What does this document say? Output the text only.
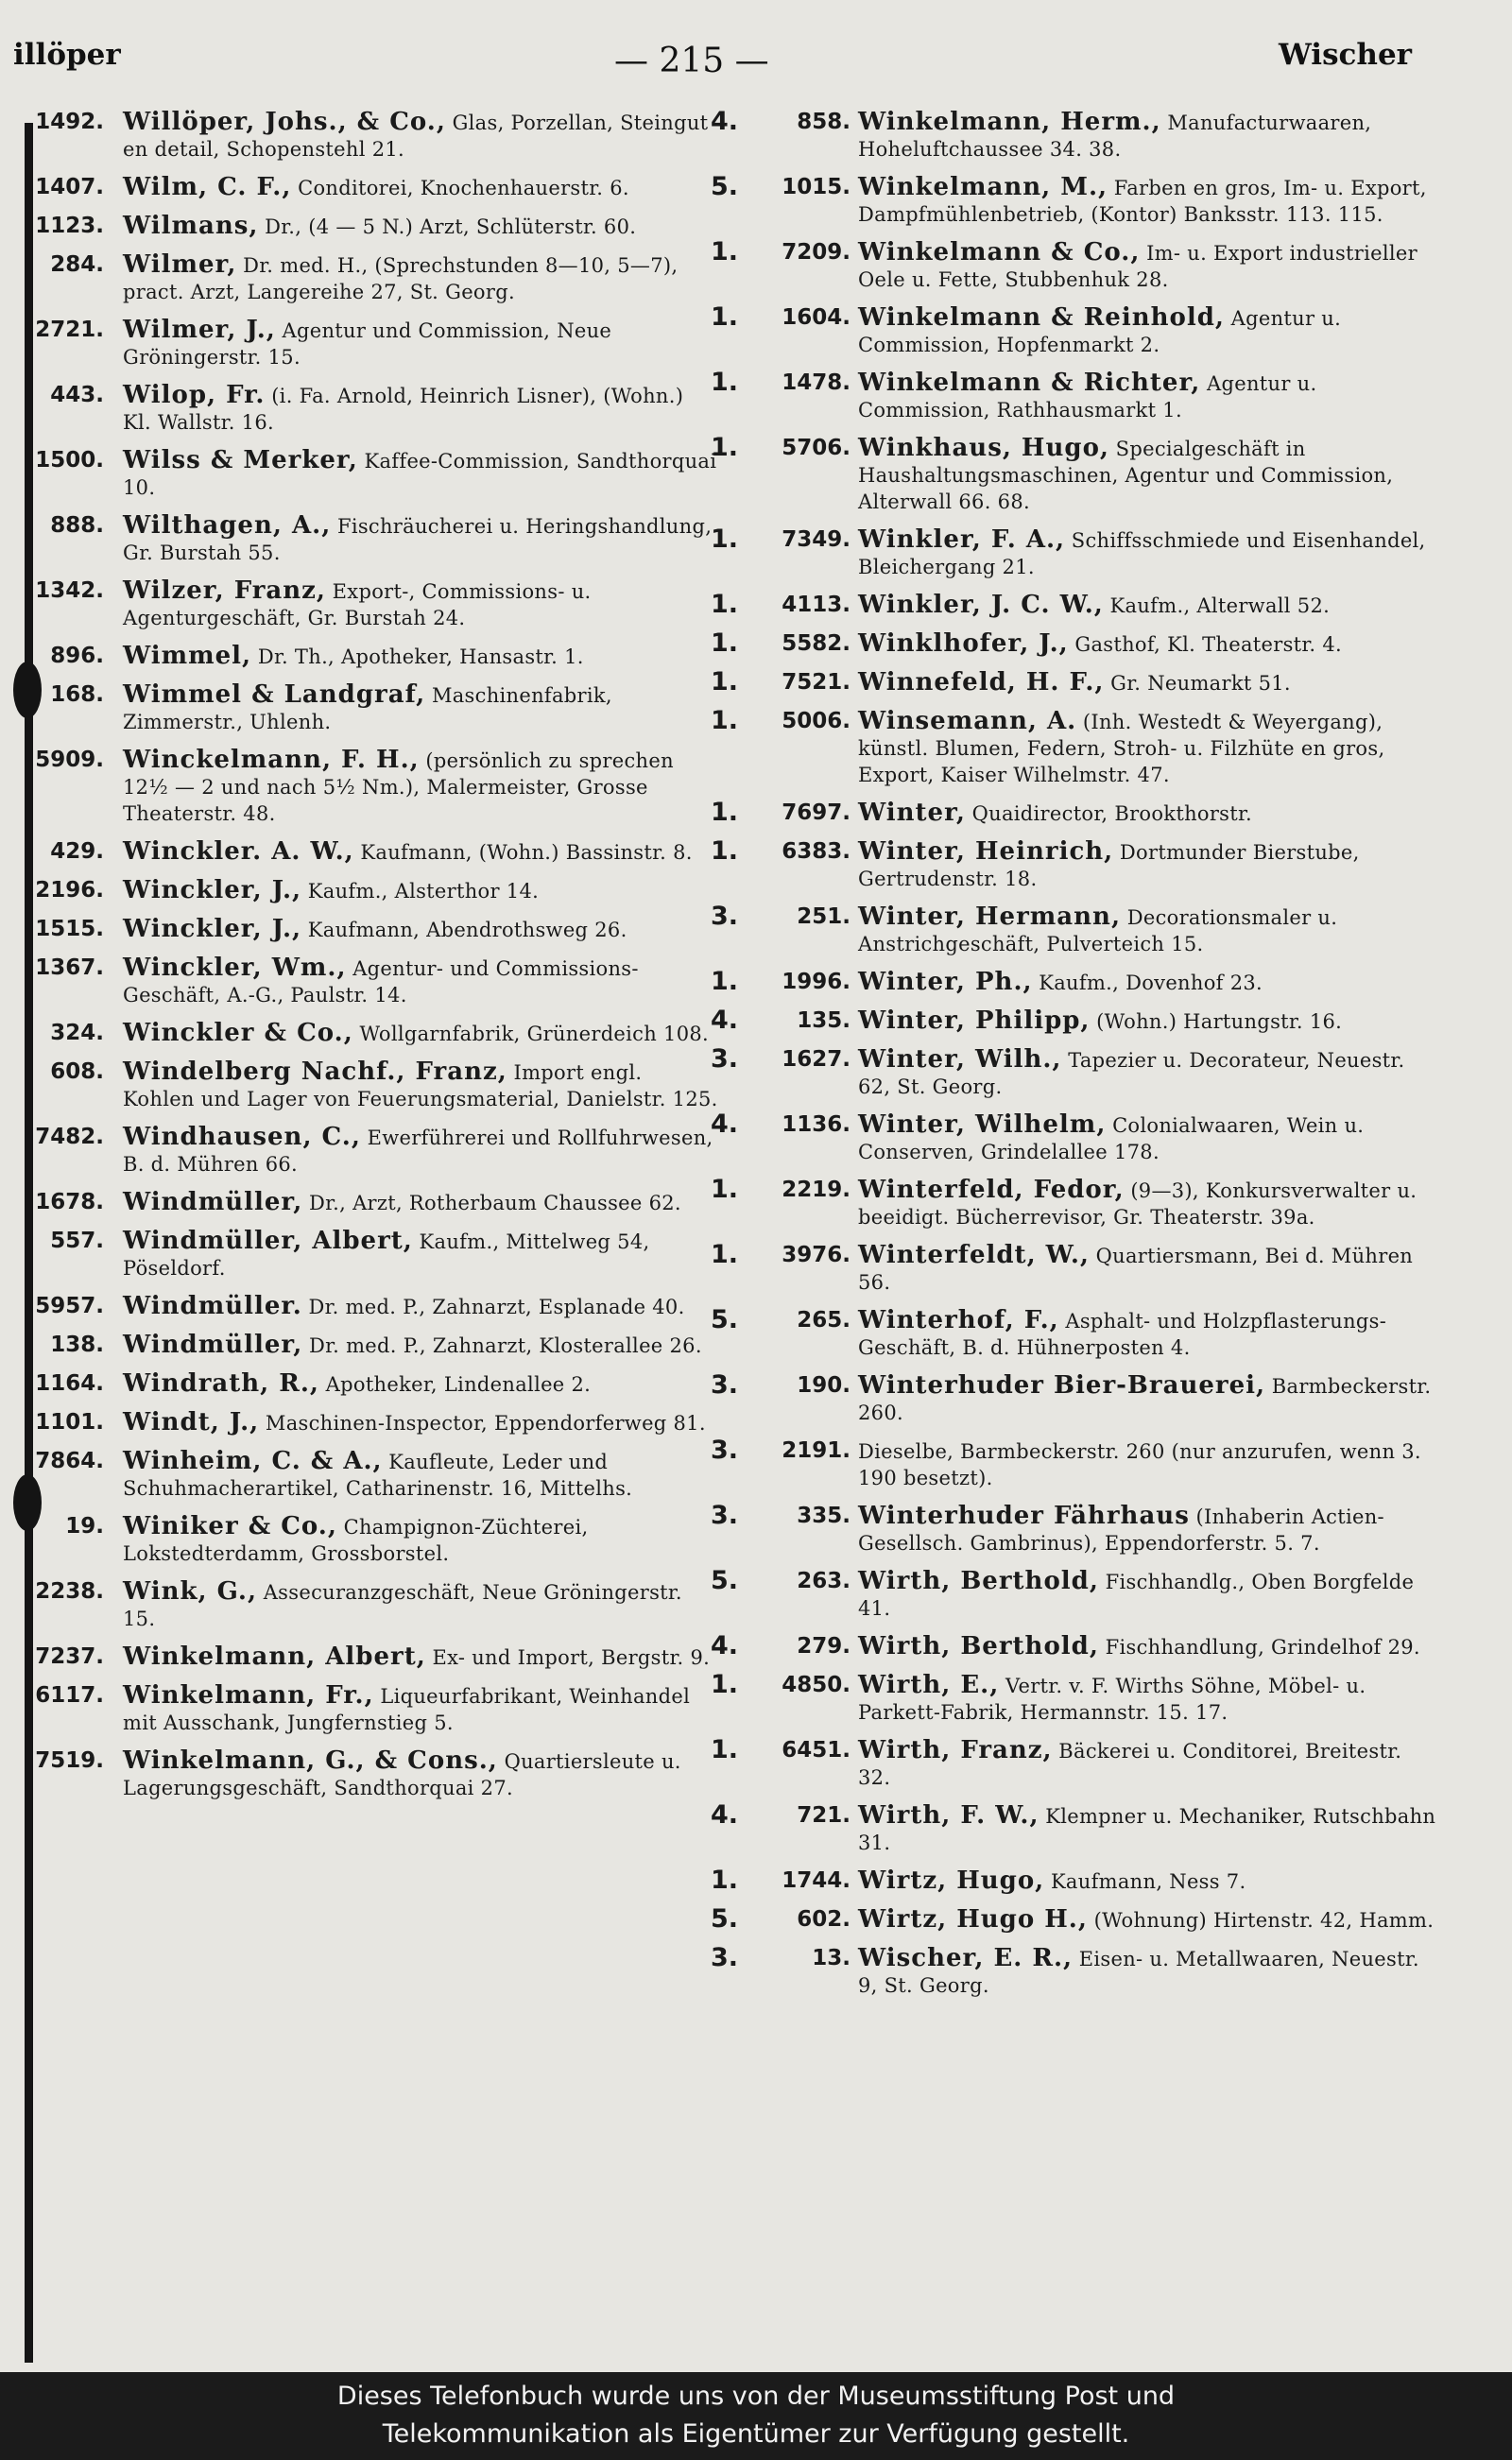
illöper	— 215 —	Wischer
1492. Willöper, Johs., & Co., Glas, Porzellan, Steingut en detail, Schopenstehl 21.
1407. Wilm, C. F., Conditorei, Knochenhauerstr. 6.
1123. Wilmans, Dr., (4 — 5 N.) Arzt, Schlüterstr. 60.
284. Wilmer, Dr. med. H., (Sprechstunden 8—10, 5—7), pract. Arzt, Langereihe 27, St. Georg.
2721. Wilmer, J., Agentur und Commission, Neue Gröningerstr. 15.
443. Wilop, Fr. (i. Fa. Arnold, Heinrich Lisner), (Wohn.) Kl. Wallstr. 16.
1500. Wilss & Merker, Kaffee-Commission, Sandthorquai 10.
888. Wilthagen, A., Fischräucherei u. Heringshandlung, Gr. Burstah 55.
1342. Wilzer, Franz, Export-, Commissions- u. Agenturgeschäft, Gr. Burstah 24.
896. Wimmel, Dr. Th., Apotheker, Hansastr. 1.
168. Wimmel & Landgraf, Maschinenfabrik, Zimmerstr., Uhlenh.
5909. Winckelmann, F. H., (persönlich zu sprechen 12½ — 2 und nach 5½ Nm.), Malermeister, Grosse Theaterstr. 48.
429. Winckler. A. W., Kaufmann, (Wohn.) Bassinstr. 8.
2196. Winckler, J., Kaufm., Alsterthor 14.
1515. Winckler, J., Kaufmann, Abendrothsweg 26.
1367. Winckler, Wm., Agentur- und Commissions-Geschäft, A.-G., Paulstr. 14.
324. Winckler & Co., Wollgarnfabrik, Grünerdeich 108.
608. Windelberg Nachf., Franz, Import engl. Kohlen und Lager von Feuerungsmaterial, Danielstr. 125.
7482. Windhausen, C., Ewerführerei und Rollfuhrwesen, B. d. Mühren 66.
1678. Windmüller, Dr., Arzt, Rotherbaum Chaussee 62.
557. Windmüller, Albert, Kaufm., Mittelweg 54, Pöseldorf.
5957. Windmüller. Dr. med. P., Zahnarzt, Esplanade 40.
138. Windmüller, Dr. med. P., Zahnarzt, Klosterallee 26.
1164. Windrath, R., Apotheker, Lindenallee 2.
1101. Windt, J., Maschinen-Inspector, Eppendorferweg 81.
7864. Winheim, C. & A., Kaufleute, Leder und Schuhmacherartikel, Catharinenstr. 16, Mittelhs.
19. Winiker & Co., Champignon-Züchterei, Lokstedterdamm, Grossborstel.
2238. Wink, G., Assecuranzgeschäft, Neue Gröningerstr. 15.
7237. Winkelmann, Albert, Ex- und Import, Bergstr. 9.
6117. Winkelmann, Fr., Liqueurfabrikant, Weinhandel mit Ausschank, Jungfernstieg 5.
7519. Winkelmann, G., & Cons., Quartiersleute u. Lagerungsgeschäft, Sandthorquai 27.
4.	858. Winkelmann, Herm., Manufacturwaaren, Hoheluftchaussee 34. 38.
5. 1015. Winkelmann, M., Farben en gros, Im- u. Export, Dampfmühlenbetrieb, (Kontor) Banksstr. 113. 115.
1. 7209. Winkelmann & Co., Im- u. Export industrieller Oele u. Fette, Stubbenhuk 28.
1. 1604. Winkelmann & Reinhold, Agentur u. Commission, Hopfenmarkt 2.
1. 1478. Winkelmann & Richter, Agentur u. Commission, Rathhausmarkt 1.
1. 5706. Winkhaus, Hugo, Specialgeschäft in Haushaltungsmaschinen, Agentur und Commission, Alterwall 66. 68.
1. 7349. Winkler, F. A., Schiffsschmiede und Eisenhandel, Bleichergang 21.
1. 4113. Winkler, J. C. W., Kaufm., Alterwall 52.
1. 5582. Winklhofer, J., Gasthof, Kl. Theaterstr. 4.
1. 7521. Winnefeld, H. F., Gr. Neumarkt 51.
1. 5006. Winsemann, A. (Inh. Westedt & Weyergang), künstl. Blumen, Federn, Stroh- u. Filzhüte en gros, Export, Kaiser Wilhelmstr. 47.
1. 7697. Winter, Quaidirector, Brookthorstr.
1. 6383. Winter, Heinrich, Dortmunder Bierstube, Gertrudenstr. 18.
3.	251. Winter, Hermann, Decorationsmaler u. Anstrichgeschäft, Pulverteich 15.
1. 1996. Winter, Ph., Kaufm., Dovenhof 23.
4.	135. Winter, Philipp, (Wohn.) Hartungstr. 16.
3. 1627. Winter, Wilh., Tapezier u. Decorateur, Neuestr. 62, St. Georg.
4. 1136. Winter, Wilhelm, Colonialwaaren, Wein u. Conserven, Grindelallee 178.
1. 2219. Winterfeld, Fedor, (9—3), Konkursverwalter u. beeidigt. Bücherrevisor, Gr. Theaterstr. 39a.
1. 3976. Winterfeldt, W., Quartiersmann, Bei d. Mühren 56.
5.	265. Winterhof, F., Asphalt- und Holzpflasterungs-Geschäft, B. d. Hühnerposten 4.
3.	190. Winterhuder Bier-Brauerei, Barmbeckerstr. 260.
3. 2191. Dieselbe, Barmbeckerstr. 260 (nur anzurufen, wenn 3. 190 besetzt).
3.	335. Winterhuder Fährhaus (Inhaberin Actien-Gesellsch. Gambrinus), Eppendorferstr. 5. 7.
5.	263. Wirth, Berthold, Fischhandlg., Oben Borgfelde 41.
4.	279. Wirth, Berthold, Fischhandlung, Grindelhof 29.
1. 4850. Wirth, E., Vertr. v. F. Wirths Söhne, Möbel- u. Parkett-Fabrik, Hermannstr. 15. 17.
1. 6451. Wirth, Franz, Bäckerei u. Conditorei, Breitestr. 32.
4.	721. Wirth, F. W., Klempner u. Mechaniker, Rutschbahn 31.
1. 1744. Wirtz, Hugo, Kaufmann, Ness 7.
5.	602. Wirtz, Hugo H., (Wohnung) Hirtenstr. 42, Hamm.
3.	13. Wischer, E. R., Eisen- u. Metallwaaren, Neuestr. 9, St. Georg.
Dieses Telefonbuch wurde uns von der Museumsstiftung Post und
Telekommunikation als Eigentümer zur Verfügung gestellt.
